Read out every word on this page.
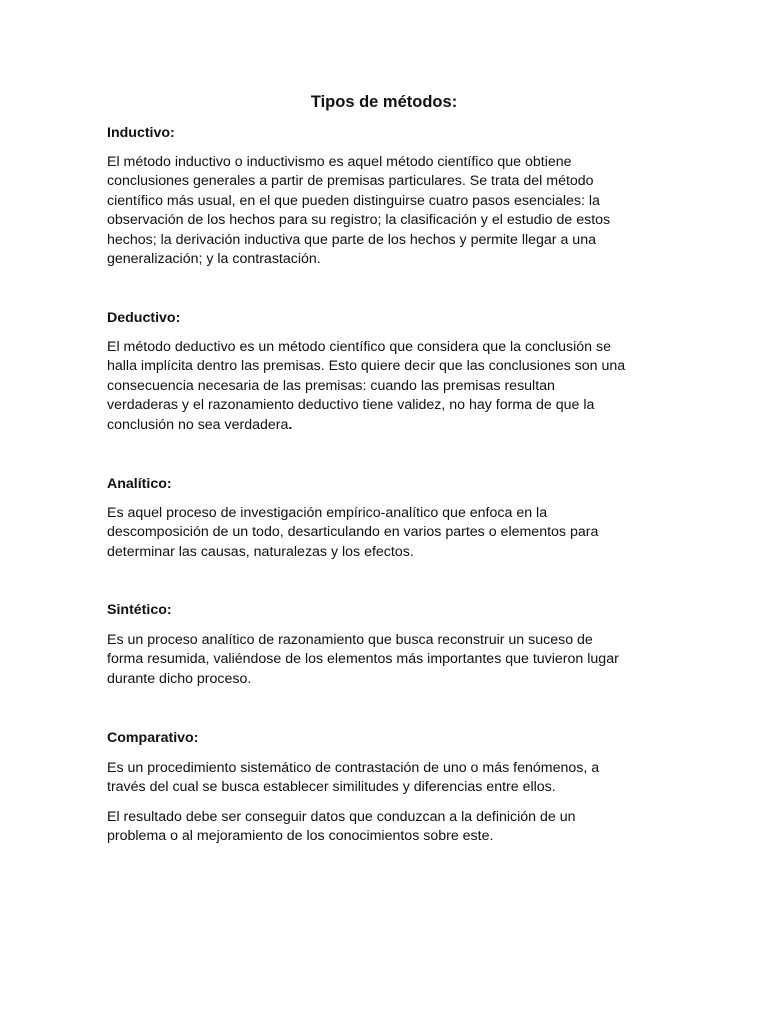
Tipos de métodos:
Inductivo:

El método inductivo o inductivismo es aquel método científico que obtiene
conclusiones generales a partir de premisas particulares. Se trata del método
científico más usual, en el que pueden distinguirse cuatro pasos esenciales: la
observación de los hechos para su registro; la clasificación y el estudio de estos
hechos; la derivación inductiva que parte de los hechos y permite llegar a una
generalización; y la contrastación.

Deductivo:

El método deductivo es un método científico que considera que la conclusión se
halla implícita dentro las premisas. Esto quiere decir que las conclusiones son una
consecuencia necesaria de las premisas: cuando las premisas resultan
verdaderas y el razonamiento deductivo tiene validez, no hay forma de que la
conclusión no sea verdadera.

Analítico:

Es aquel proceso de investigación empírico-analítico que enfoca en la
descomposición de un todo, desarticulando en varios partes o elementos para
determinar las causas, naturalezas y los efectos.

Sintético:

Es un proceso analítico de razonamiento que busca reconstruir un suceso de
forma resumida, valiéndose de los elementos más importantes que tuvieron lugar
durante dicho proceso.

Comparativo:

Es un procedimiento sistemático de contrastación de uno o más fenómenos, a
través del cual se busca establecer similitudes y diferencias entre ellos.

El resultado debe ser conseguir datos que conduzcan a la definición de un
problema o al mejoramiento de los conocimientos sobre este.
